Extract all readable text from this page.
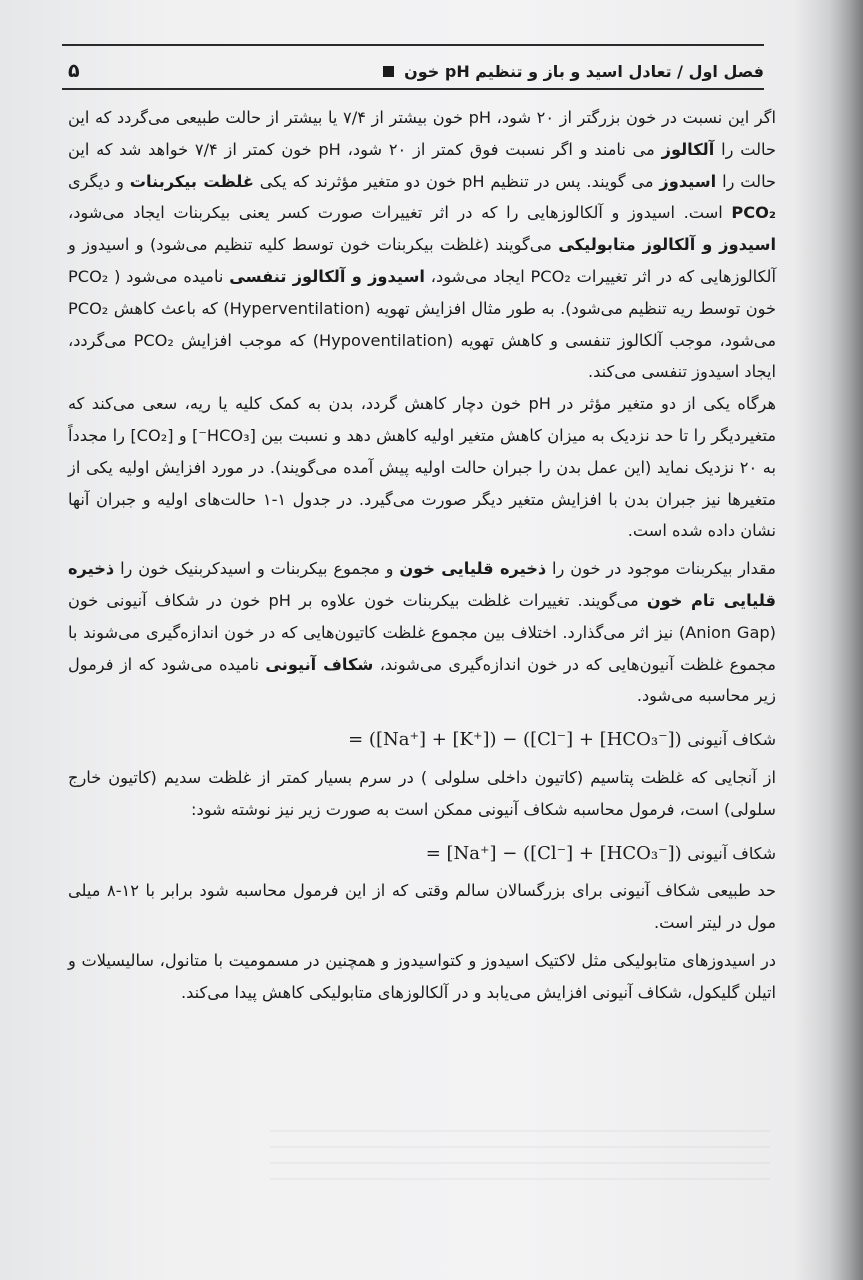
فصل اول / تعادل اسید و باز و تنظیم pH خون
۵

اگر این نسبت در خون بزرگتر از ۲۰ شود، pH خون بیشتر از ۷/۴ یا بیشتر از حالت طبیعی می‌گردد که این حالت را آلکالوز می نامند و اگر نسبت فوق کمتر از ۲۰ شود، pH خون کمتر از ۷/۴ خواهد شد که این حالت را اسیدوز می گویند. پس در تنظیم pH خون دو متغیر مؤثرند که یکی غلظت بیکربنات و دیگری PCO₂ است. اسیدوز و آلکالوزهایی را که در اثر تغییرات صورت کسر یعنی بیکربنات ایجاد می‌شود، اسیدوز و آلکالوز متابولیکی می‌گویند (غلظت بیکربنات خون توسط کلیه تنظیم می‌شود) و اسیدوز و آلکالوزهایی که در اثر تغییرات PCO₂ ایجاد می‌شود، اسیدوز و آلکالوز تنفسی نامیده می‌شود ( PCO₂ خون توسط ریه تنظیم می‌شود). به طور مثال افزایش تهویه (Hyperventilation) که باعث کاهش PCO₂ می‌شود، موجب آلکالوز تنفسی و کاهش تهویه (Hypoventilation) که موجب افزایش PCO₂ می‌گردد، ایجاد اسیدوز تنفسی می‌کند.

هرگاه یکی از دو متغیر مؤثر در pH خون دچار کاهش گردد، بدن به کمک کلیه یا ریه، سعی می‌کند که متغیردیگر را تا حد نزدیک به میزان کاهش متغیر اولیه کاهش دهد و نسبت بین [HCO₃⁻] و [CO₂] را مجدداً به ۲۰ نزدیک نماید (این عمل بدن را جبران حالت اولیه پیش آمده می‌گویند). در مورد افزایش اولیه یکی از متغیرها نیز جبران بدن با افزایش متغیر دیگر صورت می‌گیرد. در جدول ۱-۱ حالت‌های اولیه و جبران آنها نشان داده شده است.

مقدار بیکربنات موجود در خون را ذخیره قلیایی خون و مجموع بیکربنات و اسیدکربنیک خون را ذخیره قلیایی تام خون می‌گویند. تغییرات غلظت بیکربنات خون علاوه بر pH خون در شکاف آنیونی خون (Anion Gap) نیز اثر می‌گذارد. اختلاف بین مجموع غلظت کاتیون‌هایی که در خون اندازه‌گیری می‌شوند با مجموع غلظت آنیون‌هایی که در خون اندازه‌گیری می‌شوند، شکاف آنیونی نامیده می‌شود که از فرمول زیر محاسبه می‌شود.

شکاف آنیونی = ([Na⁺] + [K⁺]) − ([Cl⁻] + [HCO₃⁻])

از آنجایی که غلظت پتاسیم (کاتیون داخلی سلولی ) در سرم بسیار کمتر از غلظت سدیم (کاتیون خارج سلولی) است، فرمول محاسبه شکاف آنیونی ممکن است به صورت زیر نیز نوشته شود:

شکاف آنیونی = [Na⁺] − ([Cl⁻] + [HCO₃⁻])

حد طبیعی شکاف آنیونی برای بزرگسالان سالم وقتی که از این فرمول محاسبه شود برابر با ۱۲-۸ میلی مول در لیتر است.

در اسیدوزهای متابولیکی مثل لاکتیک اسیدوز و کتواسیدوز و همچنین در مسمومیت با متانول، سالیسیلات و اتیلن گلیکول، شکاف آنیونی افزایش می‌یابد و در آلکالوزهای متابولیکی کاهش پیدا می‌کند.
